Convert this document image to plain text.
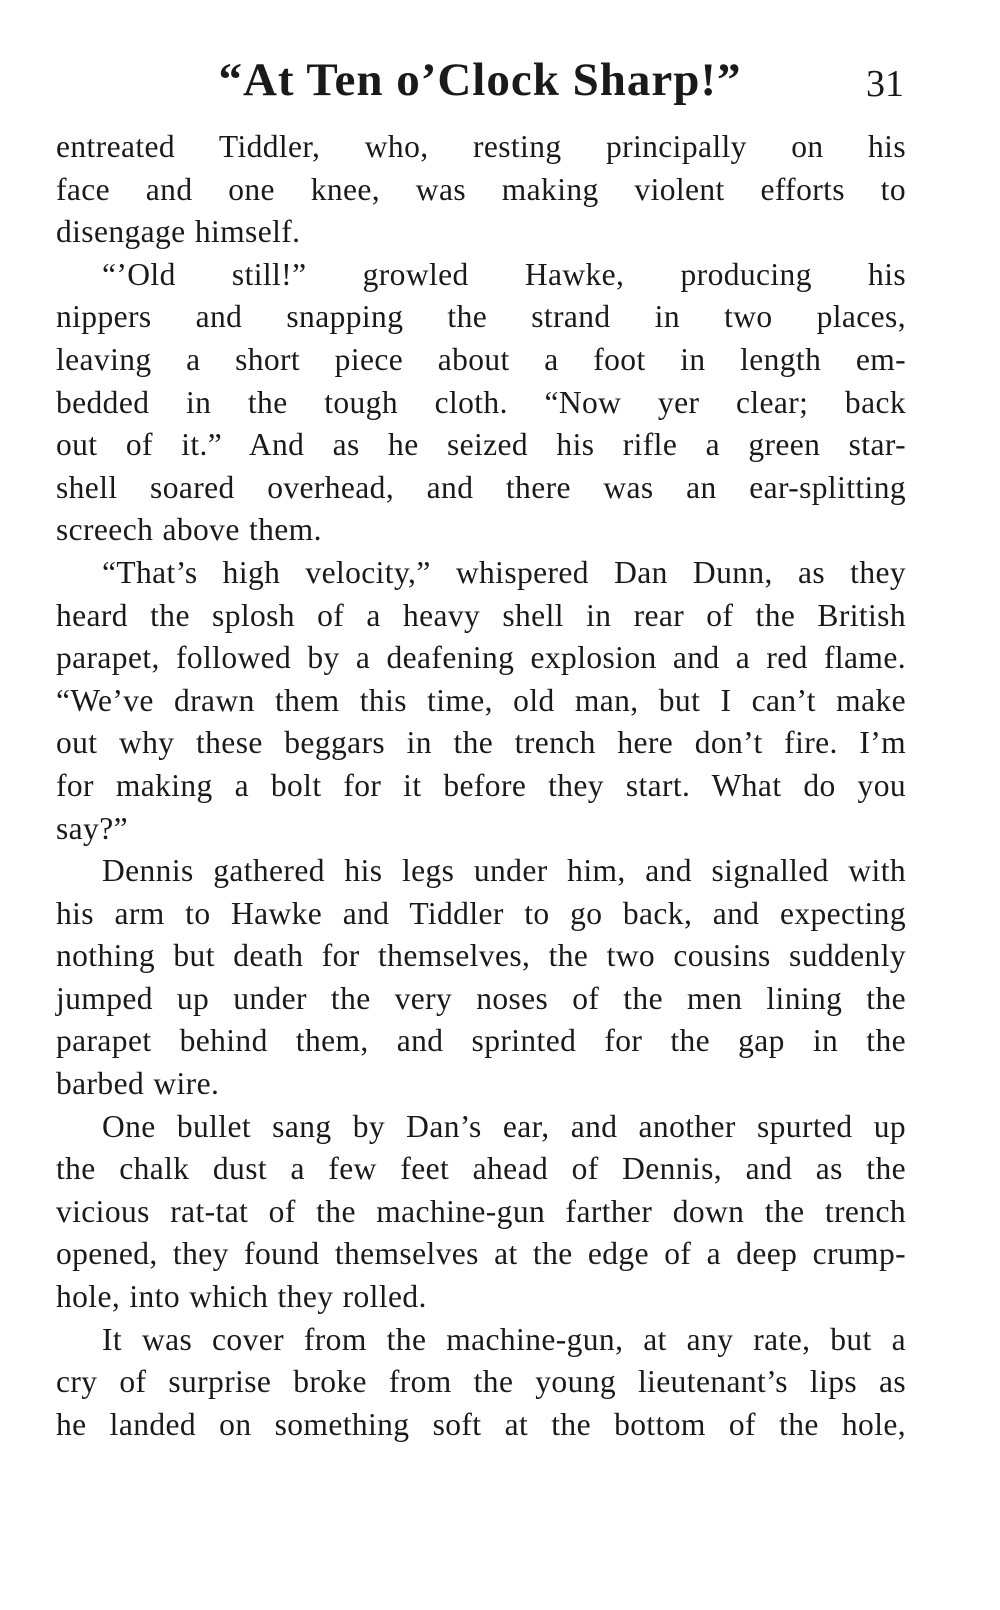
“At Ten o’Clock Sharp!”	31
entreated Tiddler, who, resting principally on his
face and one knee, was making violent efforts to
disengage himself.
“’Old still!” growled Hawke, producing his
nippers and snapping the strand in two places,
leaving a short piece about a foot in length em-
bedded in the tough cloth. “Now yer clear; back
out of it.” And as he seized his rifle a green star-
shell soared overhead, and there was an ear-splitting
screech above them.
“That’s high velocity,” whispered Dan Dunn, as they
heard the splosh of a heavy shell in rear of the British
parapet, followed by a deafening explosion and a red flame.
“We’ve drawn them this time, old man, but I can’t make
out why these beggars in the trench here don’t fire. I’m
for making a bolt for it before they start. What do you
say?”
Dennis gathered his legs under him, and signalled with
his arm to Hawke and Tiddler to go back, and expecting
nothing but death for themselves, the two cousins suddenly
jumped up under the very noses of the men lining the
parapet behind them, and sprinted for the gap in the
barbed wire.
One bullet sang by Dan’s ear, and another spurted up
the chalk dust a few feet ahead of Dennis, and as the
vicious rat-tat of the machine-gun farther down the trench
opened, they found themselves at the edge of a deep crump-
hole, into which they rolled.
It was cover from the machine-gun, at any rate, but a
cry of surprise broke from the young lieutenant’s lips as
he landed on something soft at the bottom of the hole,
